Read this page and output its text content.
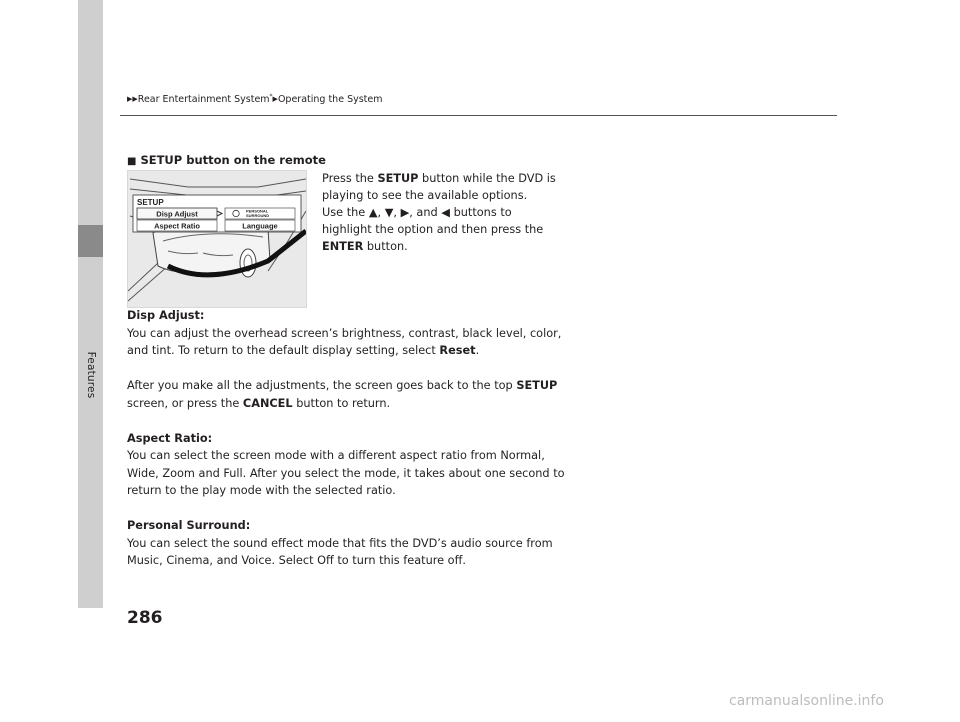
Features
▶▶Rear Entertainment System*▶Operating the System
■ SETUP button on the remote
SETUP
Disp Adjust	PERSONAL
SURROUND
Aspect Ratio	Language
Press the SETUP button while the DVD is playing to see the available options.
Use the ▲, ▼, ▶, and ◀ buttons to highlight the option and then press the ENTER button.

Disp Adjust:

You can adjust the overhead screen’s brightness, contrast, black level, color, and tint. To return to the default display setting, select Reset.

After you make all the adjustments, the screen goes back to the top SETUP screen, or press the CANCEL button to return.

Aspect Ratio:

You can select the screen mode with a different aspect ratio from Normal, Wide, Zoom and Full. After you select the mode, it takes about one second to return to the play mode with the selected ratio.

Personal Surround:

You can select the sound effect mode that fits the DVD’s audio source from Music, Cinema, and Voice. Select Off to turn this feature off.

286
carmanualsonline.info
